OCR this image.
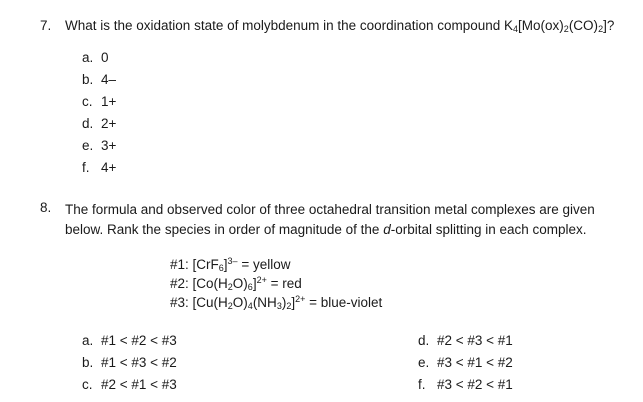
7. What is the oxidation state of molybdenum in the coordination compound $K_4[Mo(ox)_2(CO)_2]$?
a. 0
b. 4–
c. 1+
d. 2+
e. 3+
f. 4+
8. The formula and observed color of three octahedral transition metal complexes are given below. Rank the species in order of magnitude of the d-orbital splitting in each complex.
#1: $[CrF_6]^{3-}$ = yellow
#2: $[Co(H_2O)_6]^{2+}$ = red
#3: $[Cu(H_2O)_4(NH_3)_2]^{2+}$ = blue-violet
a. #1 < #2 < #3
b. #1 < #3 < #2
c. #2 < #1 < #3
d. #2 < #3 < #1
e. #3 < #1 < #2
f. #3 < #2 < #1
